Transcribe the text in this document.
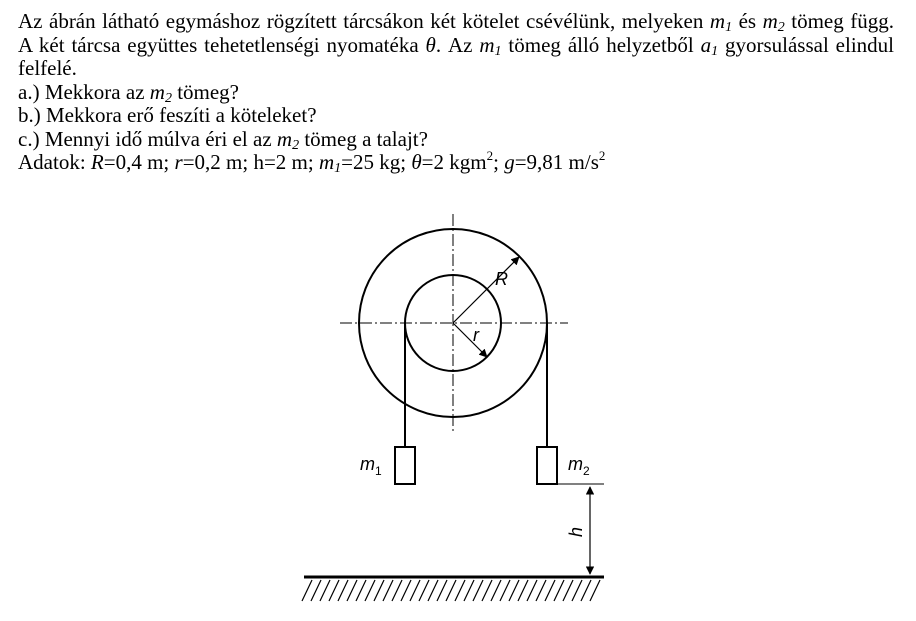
Az ábrán látható egymáshoz rögzített tárcsákon két kötelet csévélünk, melyeken $m_1$ és $m_2$ tömeg függ. A két tárcsa együttes tehetetlenségi nyomatéka θ. Az $m_1$ tömeg álló helyzetből $a_1$ gyorsulással elindul felfelé.

a.) Mekkora az $m_2$ tömeg?

b.) Mekkora erő feszíti a köteleket?

c.) Mennyi idő múlva éri el az $m_2$ tömeg a talajt?

Adatok: R=0,4 m; r=0,2 m; h=2 m; $m_1=25$ kg; θ=2 kgm$^2$; g=9,81 $m/s^2$

R
r
$m_1$	$m_2$
h
